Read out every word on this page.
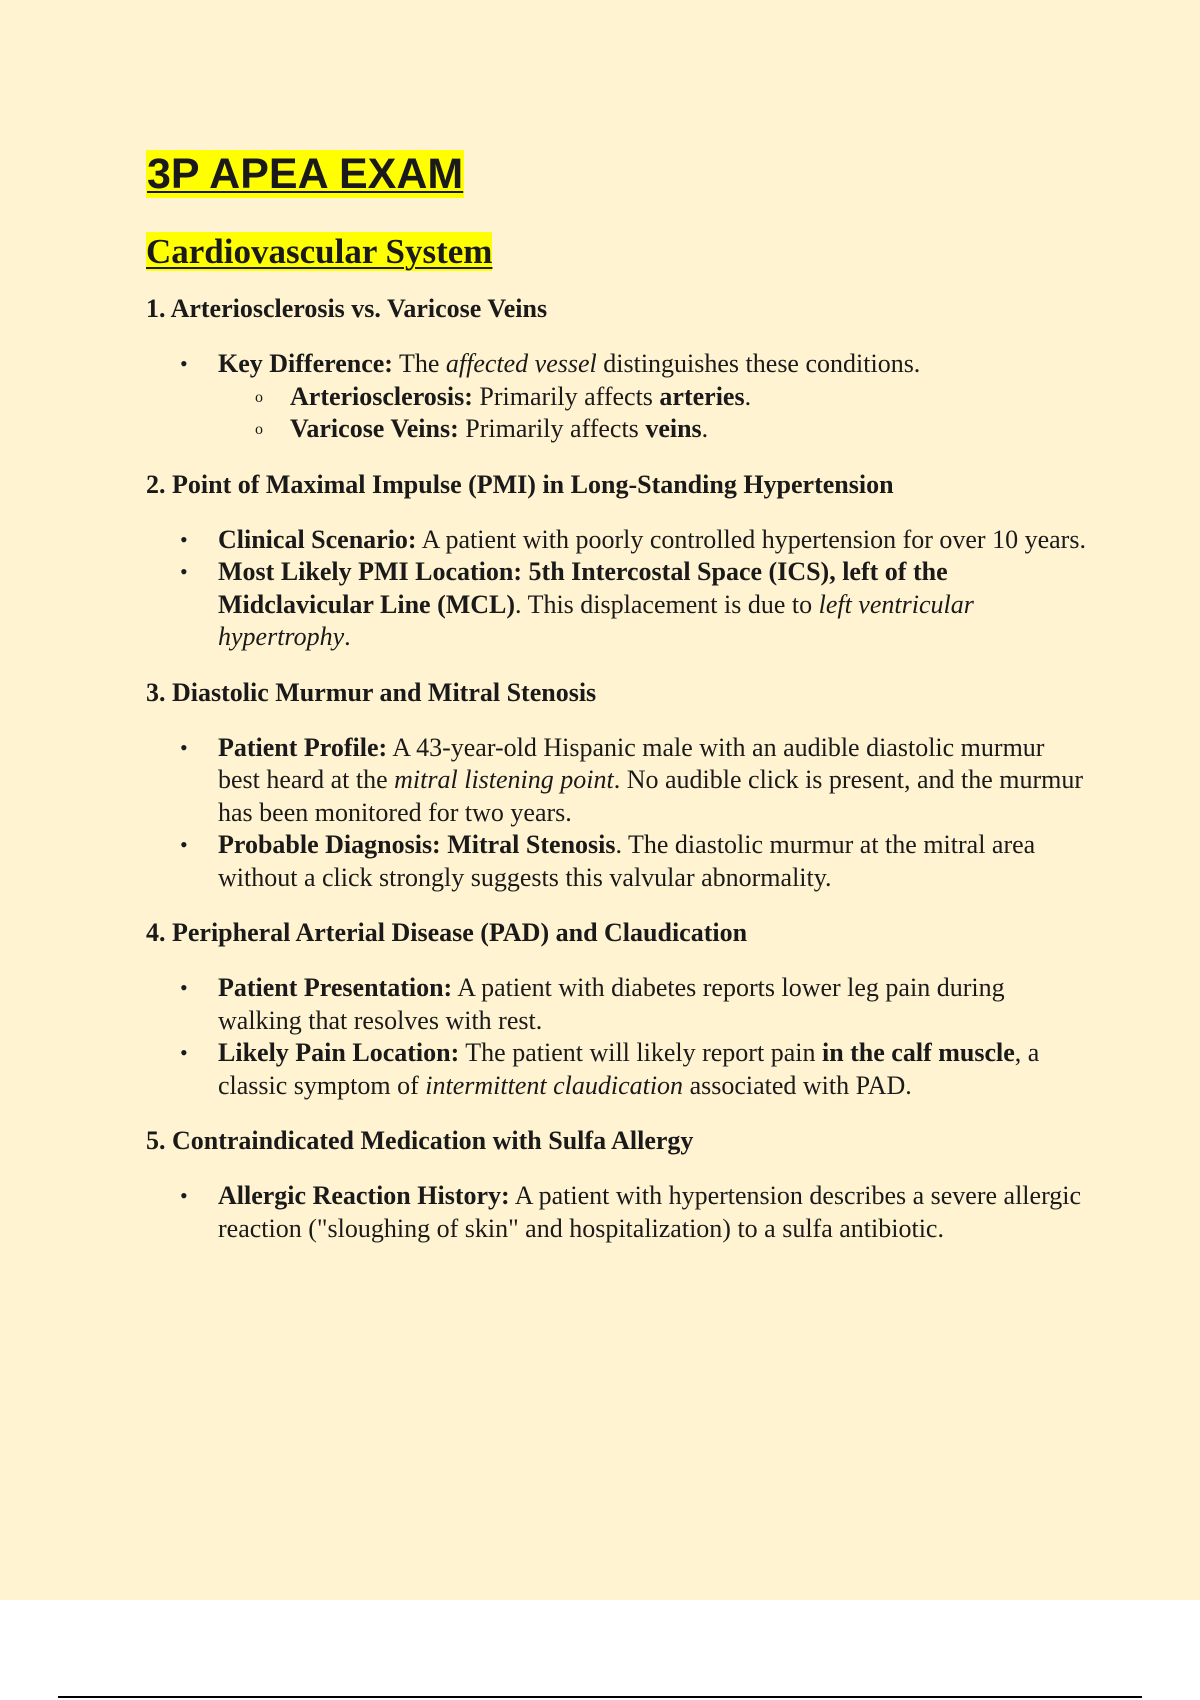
3P APEA EXAM
Cardiovascular System
1. Arteriosclerosis vs. Varicose Veins
• Key Difference: The affected vessel distinguishes these conditions.
o Arteriosclerosis: Primarily affects arteries.
o Varicose Veins: Primarily affects veins.
2. Point of Maximal Impulse (PMI) in Long-Standing Hypertension
• Clinical Scenario: A patient with poorly controlled hypertension for over 10 years.
• Most Likely PMI Location: 5th Intercostal Space (ICS), left of the Midclavicular Line (MCL). This displacement is due to left ventricular hypertrophy.
3. Diastolic Murmur and Mitral Stenosis
• Patient Profile: A 43-year-old Hispanic male with an audible diastolic murmur best heard at the mitral listening point. No audible click is present, and the murmur has been monitored for two years.
• Probable Diagnosis: Mitral Stenosis. The diastolic murmur at the mitral area without a click strongly suggests this valvular abnormality.
4. Peripheral Arterial Disease (PAD) and Claudication
• Patient Presentation: A patient with diabetes reports lower leg pain during walking that resolves with rest.
• Likely Pain Location: The patient will likely report pain in the calf muscle, a classic symptom of intermittent claudication associated with PAD.
5. Contraindicated Medication with Sulfa Allergy
• Allergic Reaction History: A patient with hypertension describes a severe allergic reaction ("sloughing of skin" and hospitalization) to a sulfa antibiotic.
